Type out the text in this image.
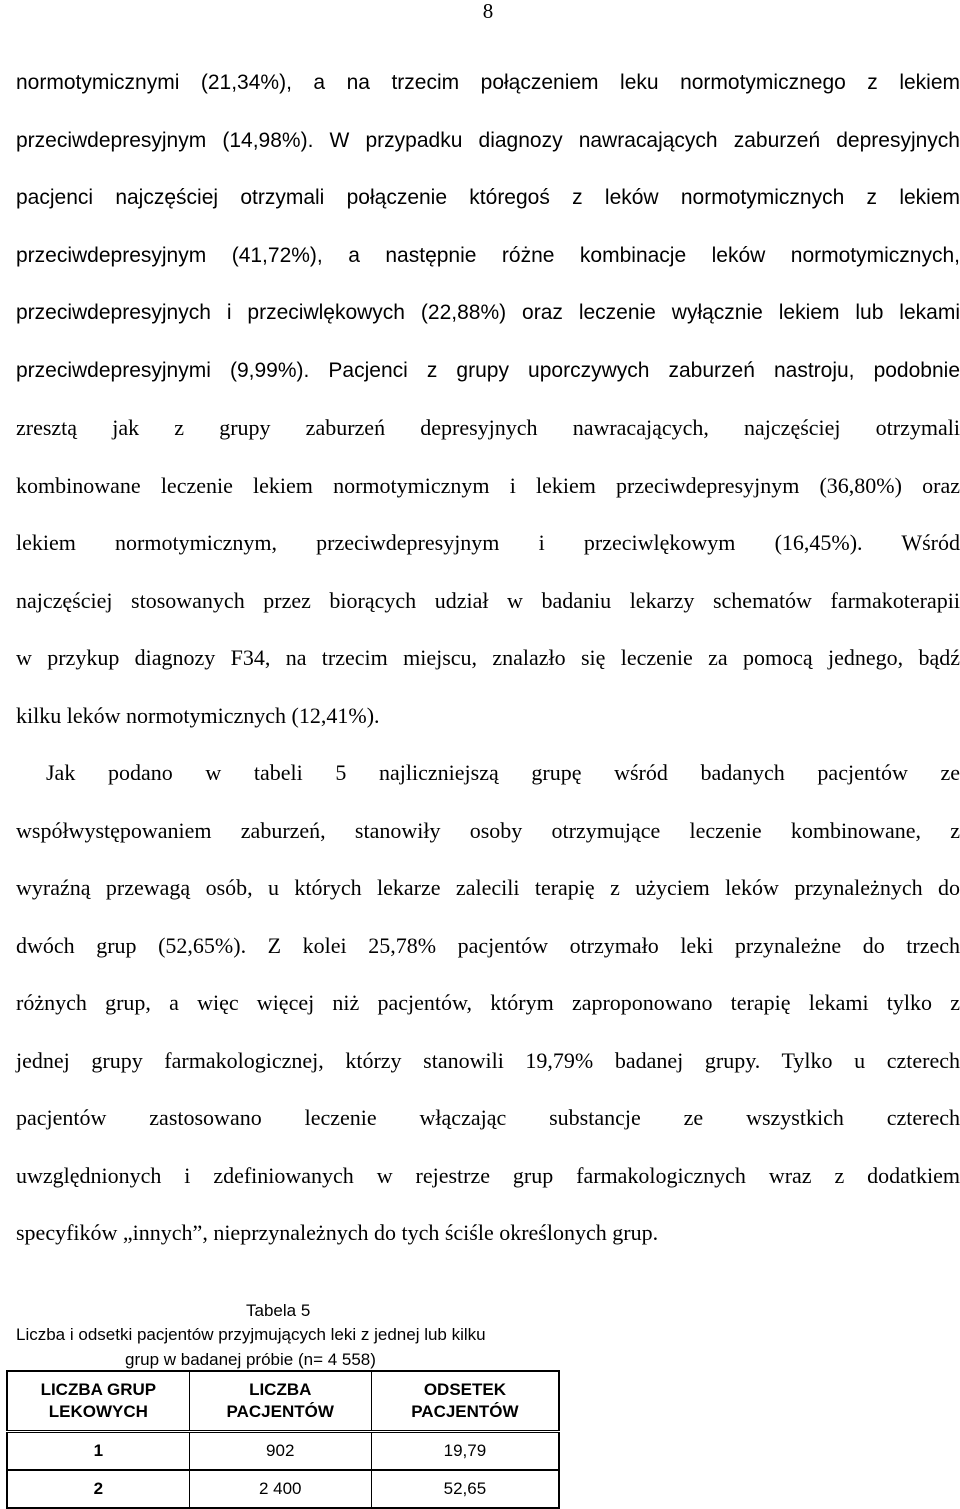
8
normotymicznymi (21,34%), a na trzecim połączeniem leku normotymicznego z lekiem
przeciwdepresyjnym (14,98%). W przypadku diagnozy nawracających zaburzeń depresyjnych
pacjenci najczęściej otrzymali połączenie któregoś z leków normotymicznych z lekiem
przeciwdepresyjnym (41,72%), a następnie różne kombinacje leków normotymicznych,
przeciwdepresyjnych i przeciwlękowych (22,88%) oraz leczenie wyłącznie lekiem lub lekami
przeciwdepresyjnymi (9,99%). Pacjenci z grupy uporczywych zaburzeń nastroju, podobnie
zresztą jak z grupy zaburzeń depresyjnych nawracających, najczęściej otrzymali
kombinowane leczenie lekiem normotymicznym i lekiem przeciwdepresyjnym (36,80%) oraz
lekiem normotymicznym, przeciwdepresyjnym i przeciwlękowym (16,45%). Wśród
najczęściej stosowanych przez biorących udział w badaniu lekarzy schematów farmakoterapii
w przykup diagnozy F34, na trzecim miejscu, znalazło się leczenie za pomocą jednego, bądź
kilku leków normotymicznych (12,41%).
Jak podano w tabeli 5 najliczniejszą grupę wśród badanych pacjentów ze
współwystępowaniem zaburzeń, stanowiły osoby otrzymujące leczenie kombinowane, z
wyraźną przewagą osób, u których lekarze zalecili terapię z użyciem leków przynależnych do
dwóch grup (52,65%). Z kolei 25,78% pacjentów otrzymało leki przynależne do trzech
różnych grup, a więc więcej niż pacjentów, którym zaproponowano terapię lekami tylko z
jednej grupy farmakologicznej, którzy stanowili 19,79% badanej grupy. Tylko u czterech
pacjentów zastosowano leczenie włączając substancje ze wszystkich czterech
uwzględnionych i zdefiniowanych w rejestrze grup farmakologicznych wraz z dodatkiem
specyfików „innych”, nieprzynależnych do tych ściśle określonych grup.
Tabela 5
Liczba i odsetki pacjentów przyjmujących leki z jednej lub kilku
grup w badanej próbie (n= 4 558)
LICZBA GRUP LEKOWYCH	LICZBA PACJENTÓW	ODSETEK PACJENTÓW
1	902	19,79
2	2 400	52,65
